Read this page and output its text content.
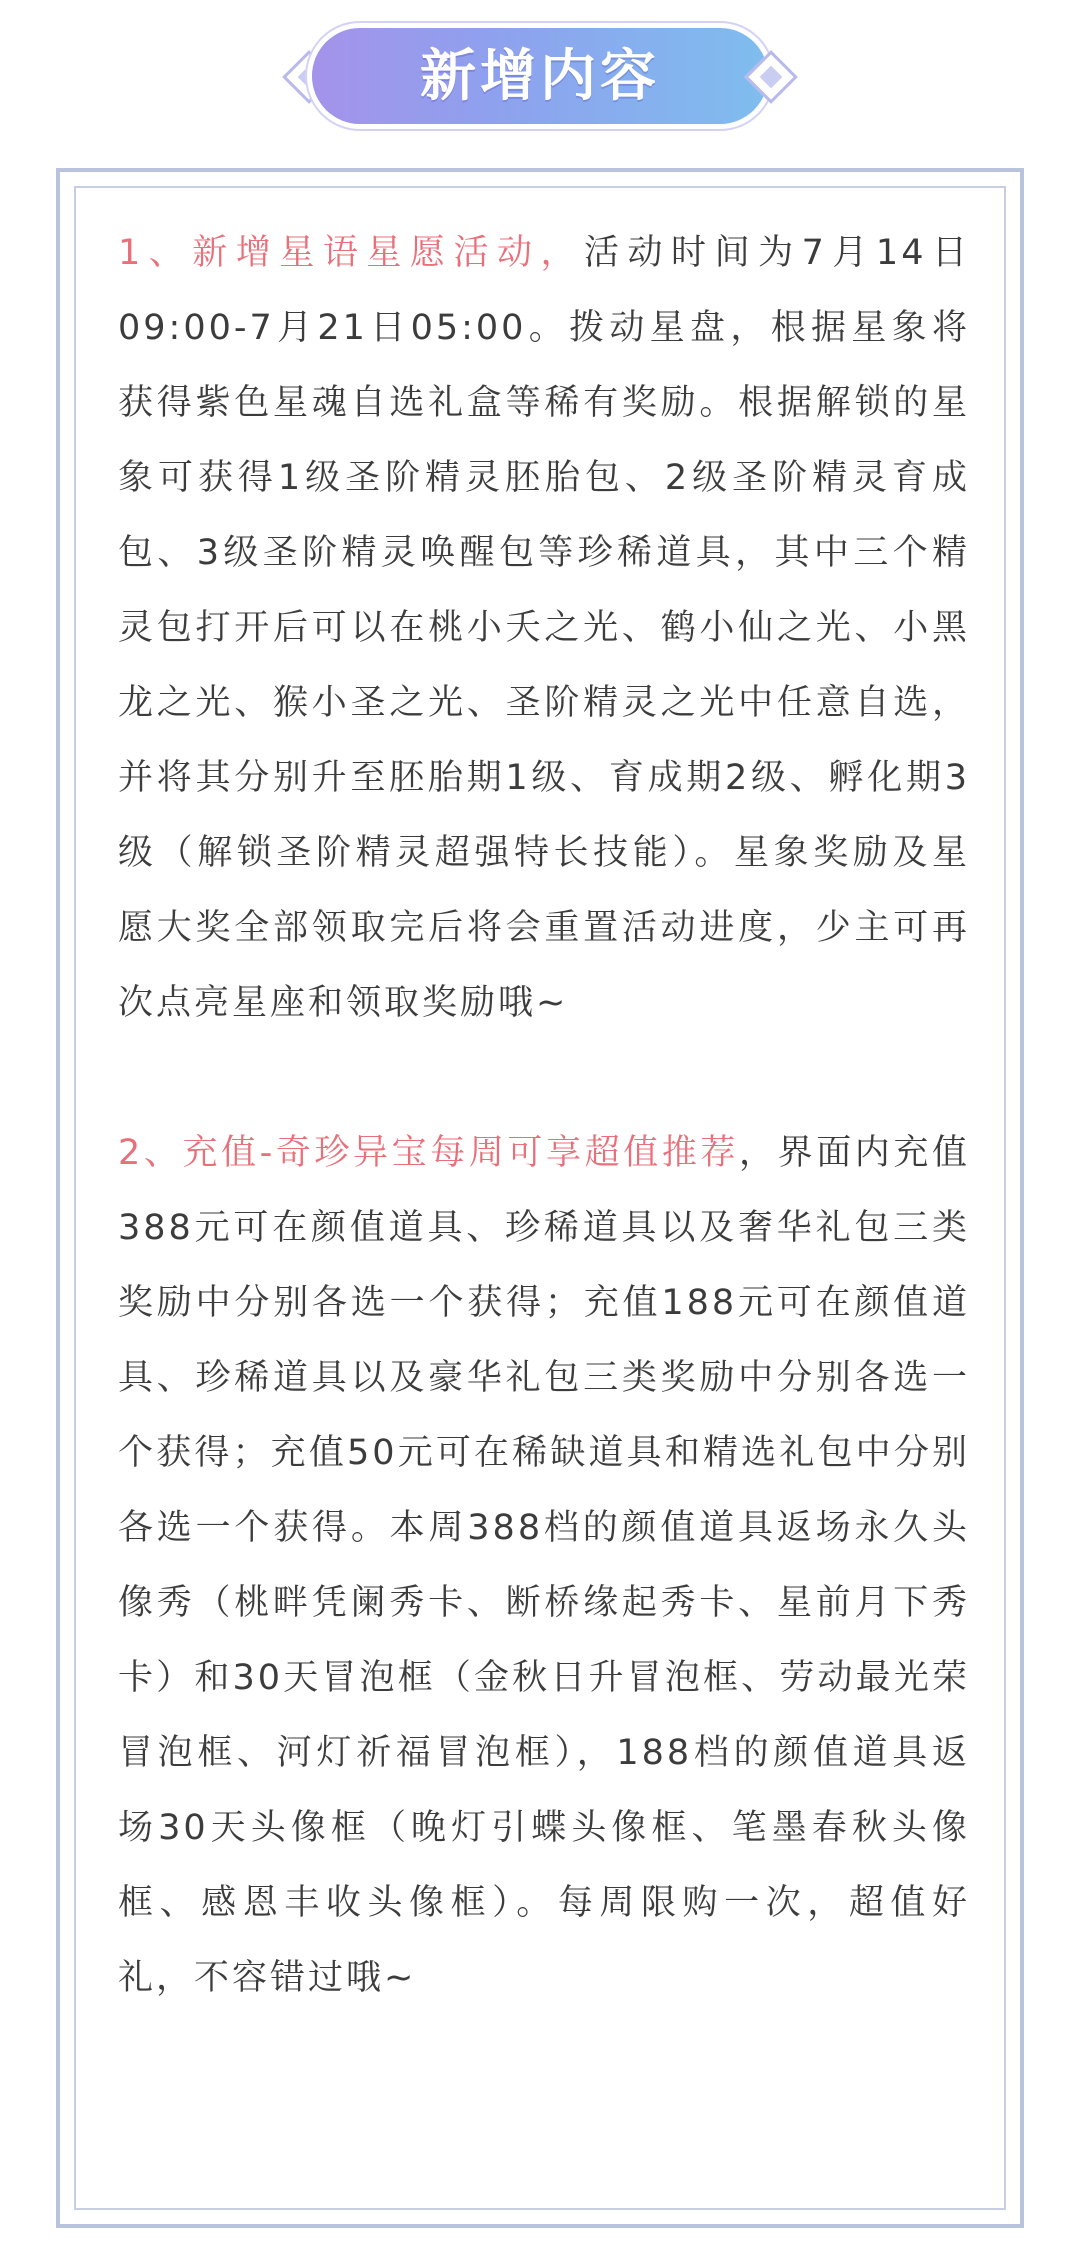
新增内容

1、新增星语星愿活动，活动时间为7月14日09:00-7月21日05:00。拨动星盘，根据星象将获得紫色星魂自选礼盒等稀有奖励。根据解锁的星象可获得1级圣阶精灵胚胎包、2级圣阶精灵育成包、3级圣阶精灵唤醒包等珍稀道具，其中三个精灵包打开后可以在桃小夭之光、鹤小仙之光、小黑龙之光、猴小圣之光、圣阶精灵之光中任意自选，并将其分别升至胚胎期1级、育成期2级、孵化期3级（解锁圣阶精灵超强特长技能）。星象奖励及星愿大奖全部领取完后将会重置活动进度，少主可再次点亮星座和领取奖励哦~

2、充值-奇珍异宝每周可享超值推荐，界面内充值388元可在颜值道具、珍稀道具以及奢华礼包三类奖励中分别各选一个获得；充值188元可在颜值道具、珍稀道具以及豪华礼包三类奖励中分别各选一个获得；充值50元可在稀缺道具和精选礼包中分别各选一个获得。本周388档的颜值道具返场永久头像秀（桃畔凭阑秀卡、断桥缘起秀卡、星前月下秀卡）和30天冒泡框（金秋日升冒泡框、劳动最光荣冒泡框、河灯祈福冒泡框），188档的颜值道具返场30天头像框（晚灯引蝶头像框、笔墨春秋头像框、感恩丰收头像框）。每周限购一次，超值好礼，不容错过哦~
